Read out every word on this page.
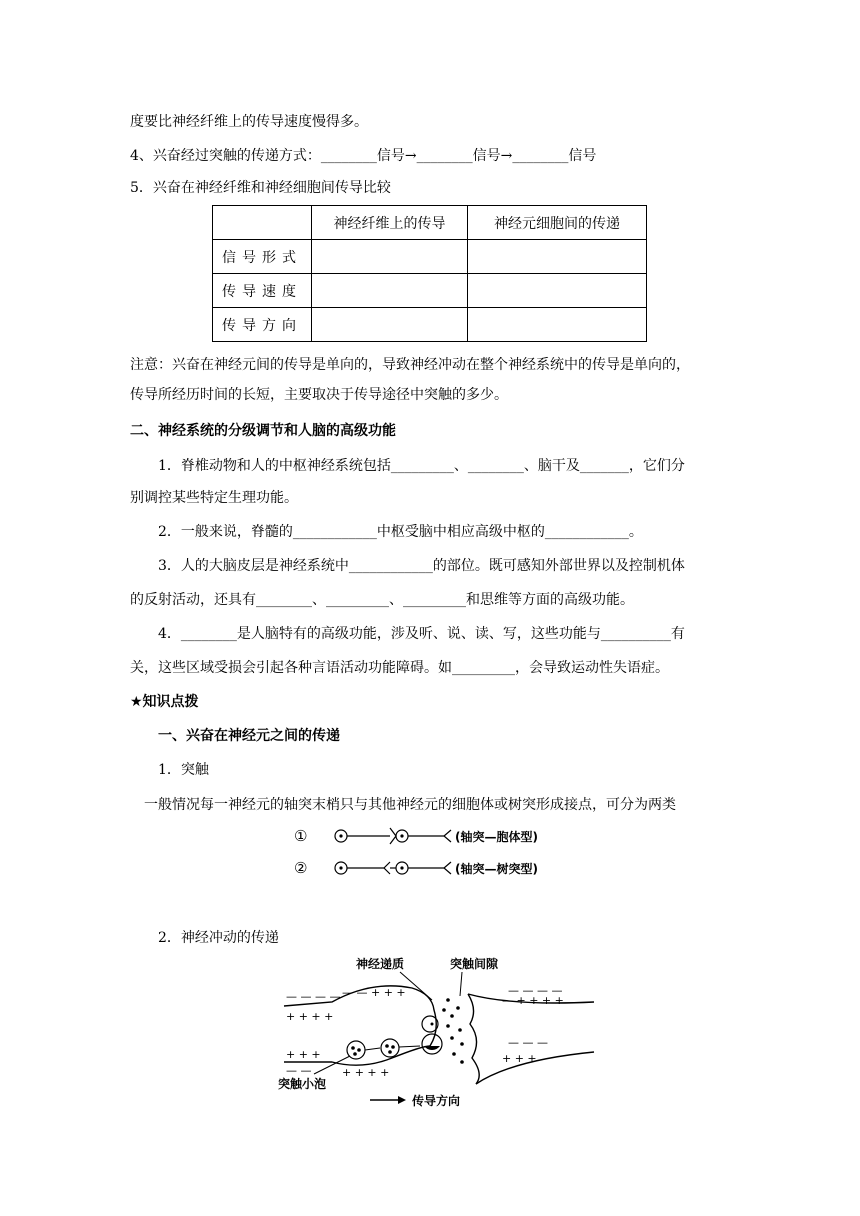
度要比神经纤维上的传导速度慢得多。
4、兴奋经过突触的传递方式：________信号→________信号→________信号
5．兴奋在神经纤维和神经细胞间传导比较
	神经纤维上的传导	神经元细胞间的传递
信号形式		
传导速度		
传导方向		
注意：兴奋在神经元间的传导是单向的，导致神经冲动在整个神经系统中的传导是单向的，
传导所经历时间的长短，主要取决于传导途径中突触的多少。
二、神经系统的分级调节和人脑的高级功能
1．脊椎动物和人的中枢神经系统包括_________、________、脑干及_______，它们分
别调控某些特定生理功能。
2．一般来说，脊髓的____________中枢受脑中相应高级中枢的____________。
3．人的大脑皮层是神经系统中____________的部位。既可感知外部世界以及控制机体
的反射活动，还具有________、_________、_________和思维等方面的高级功能。
4．________是人脑特有的高级功能，涉及听、说、读、写，这些功能与__________有
关，这些区域受损会引起各种言语活动功能障碍。如_________，会导致运动性失语症。
★知识点拨
一、兴奋在神经元之间的传递
1．突触
一般情况每一神经元的轴突末梢只与其他神经元的细胞体或树突形成接点，可分为两类
①	(轴突—胞体型)
②	(轴突—树突型)
2．神经冲动的传递
神经递质	突触间隙
+ + + +
— — — — — — + + +
— + + + +
— — — —
+ + +
— —	+ + + +
+ + +
— — —
突触小泡
传导方向
